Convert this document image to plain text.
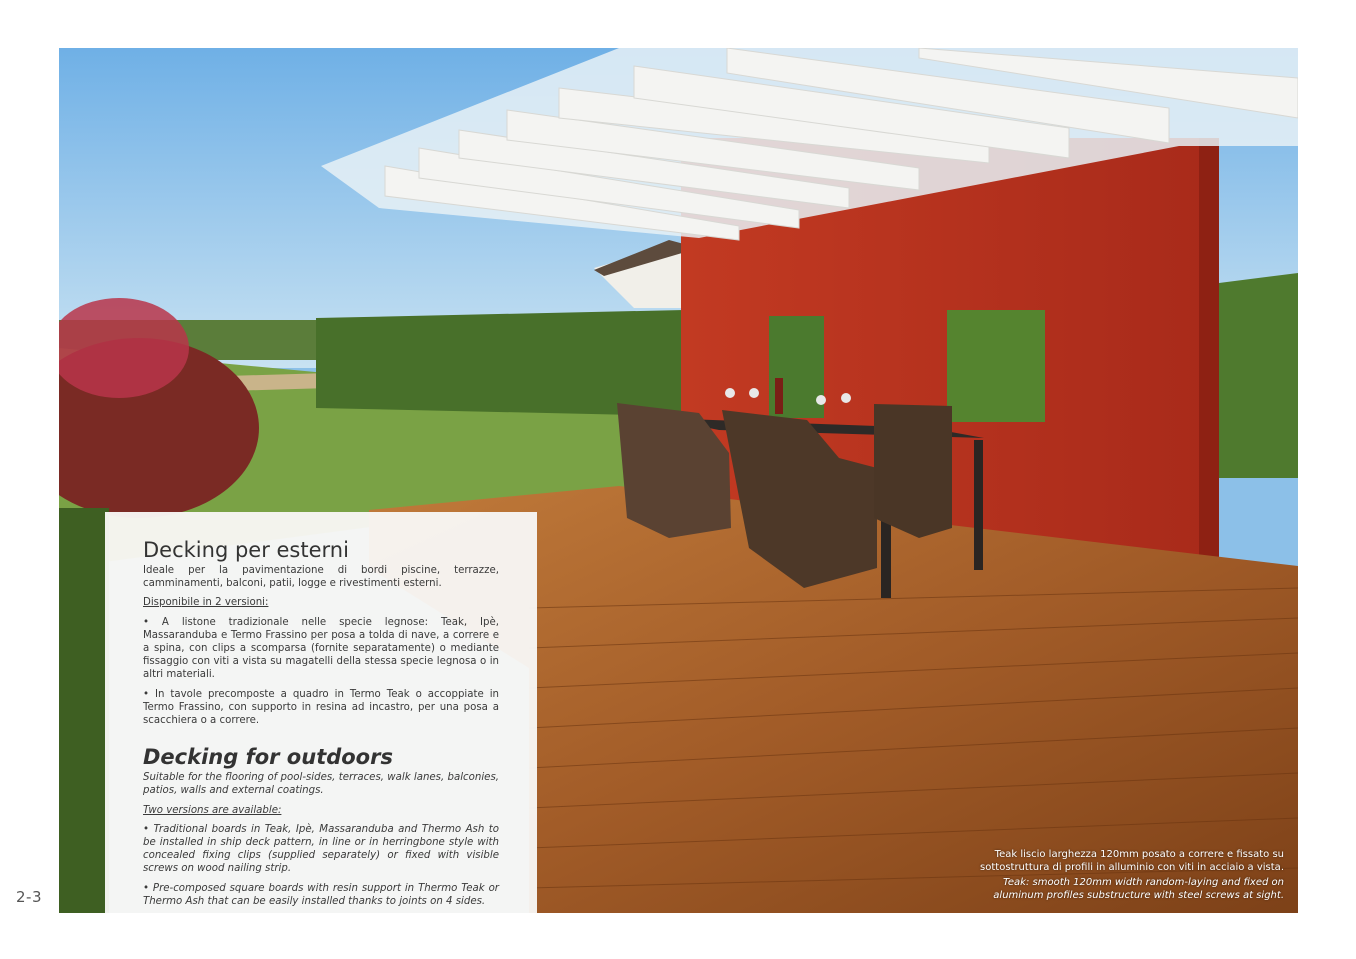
2-3
Decking per esterni

Ideale per la pavimentazione di bordi piscine, terrazze, camminamenti, balconi, patii, logge e rivestimenti esterni.

Disponibile in 2 versioni:

• A listone tradizionale nelle specie legnose: Teak, Ipè, Massaranduba e Termo Frassino per posa a tolda di nave, a correre e a spina, con clips a scomparsa (fornite separatamente) o mediante fissaggio con viti a vista su magatelli della stessa specie legnosa o in altri materiali.

• In tavole precomposte a quadro in Termo Teak o accoppiate in Termo Frassino, con supporto in resina ad incastro, per una posa a scacchiera o a correre.

Decking for outdoors

Suitable for the flooring of pool-sides, terraces, walk lanes, balconies, patios, walls and external coatings.

Two versions are available:

• Traditional boards in Teak, Ipè, Massaranduba and Thermo Ash to be installed in ship deck pattern, in line or in herringbone style with concealed fixing clips (supplied separately) or fixed with visible screws on wood nailing strip.

• Pre-composed square boards with resin support in Thermo Teak or Thermo Ash that can be easily installed thanks to joints on 4 sides.

Teak liscio larghezza 120mm posato a correre e fissato su sottostruttura di profili in alluminio con viti in acciaio a vista.

Teak: smooth 120mm width random-laying and fixed on aluminum profiles substructure with steel screws at sight.
